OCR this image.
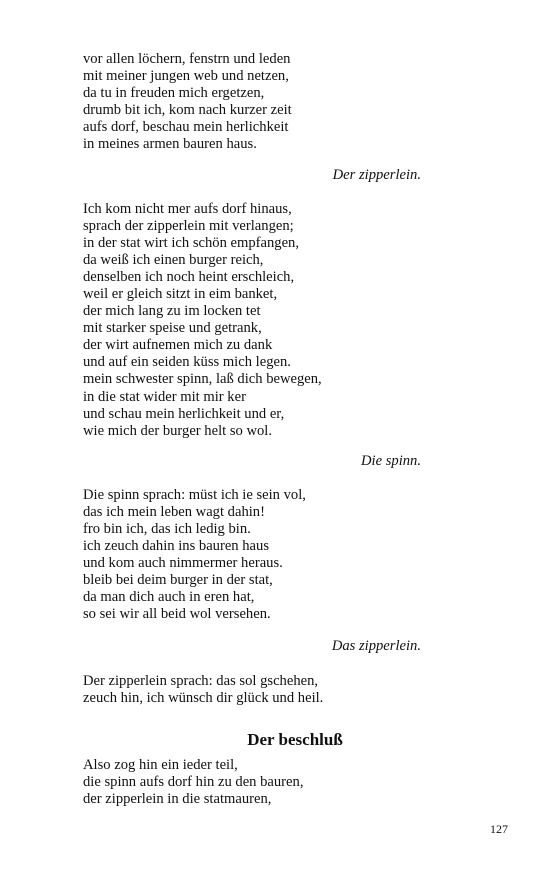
vor allen löchern, fenstrn und leden
mit meiner jungen web und netzen,
da tu in freuden mich ergetzen,
drumb bit ich, kom nach kurzer zeit
aufs dorf, beschau mein herlichkeit
in meines armen bauren haus.

Der zipperlein.

Ich kom nicht mer aufs dorf hinaus,
sprach der zipperlein mit verlangen;
in der stat wirt ich schön empfangen,
da weiß ich einen burger reich,
denselben ich noch heint erschleich,
weil er gleich sitzt in eim banket,
der mich lang zu im locken tet
mit starker speise und getrank,
der wirt aufnemen mich zu dank
und auf ein seiden küss mich legen.
mein schwester spinn, laß dich bewegen,
in die stat wider mit mir ker
und schau mein herlichkeit und er,
wie mich der burger helt so wol.

Die spinn.

Die spinn sprach: müst ich ie sein vol,
das ich mein leben wagt dahin!
fro bin ich, das ich ledig bin.
ich zeuch dahin ins bauren haus
und kom auch nimmermer heraus.
bleib bei deim burger in der stat,
da man dich auch in eren hat,
so sei wir all beid wol versehen.

Das zipperlein.

Der zipperlein sprach: das sol gschehen,
zeuch hin, ich wünsch dir glück und heil.
Der beschluß
Also zog hin ein ieder teil,
die spinn aufs dorf hin zu den bauren,
der zipperlein in die statmauren,

127
